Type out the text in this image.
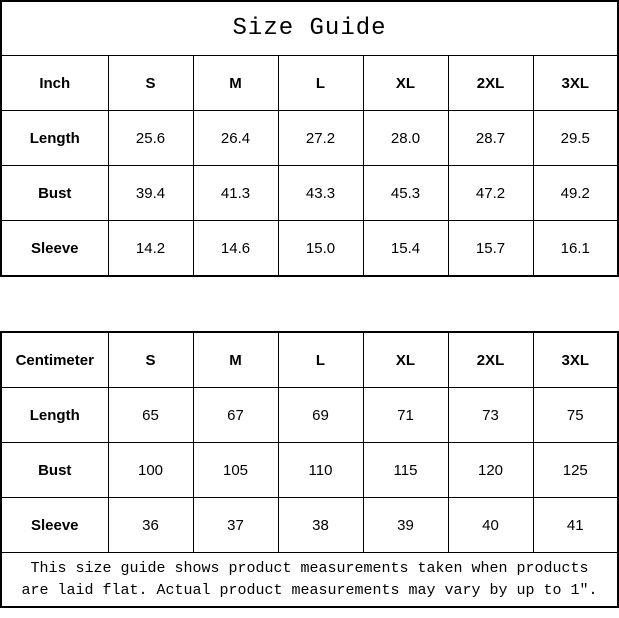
Size Guide						
Inch	S	M	L	XL	2XL	3XL
Length	25.6	26.4	27.2	28.0	28.7	29.5
Bust	39.4	41.3	43.3	45.3	47.2	49.2
Sleeve	14.2	14.6	15.0	15.4	15.7	16.1
Centimeter	S	M	L	XL	2XL	3XL
Length	65	67	69	71	73	75
Bust	100	105	110	115	120	125
Sleeve	36	37	38	39	40	41

This size guide shows product measurements taken when products
are laid flat. Actual product measurements may vary by up to 1″.						
